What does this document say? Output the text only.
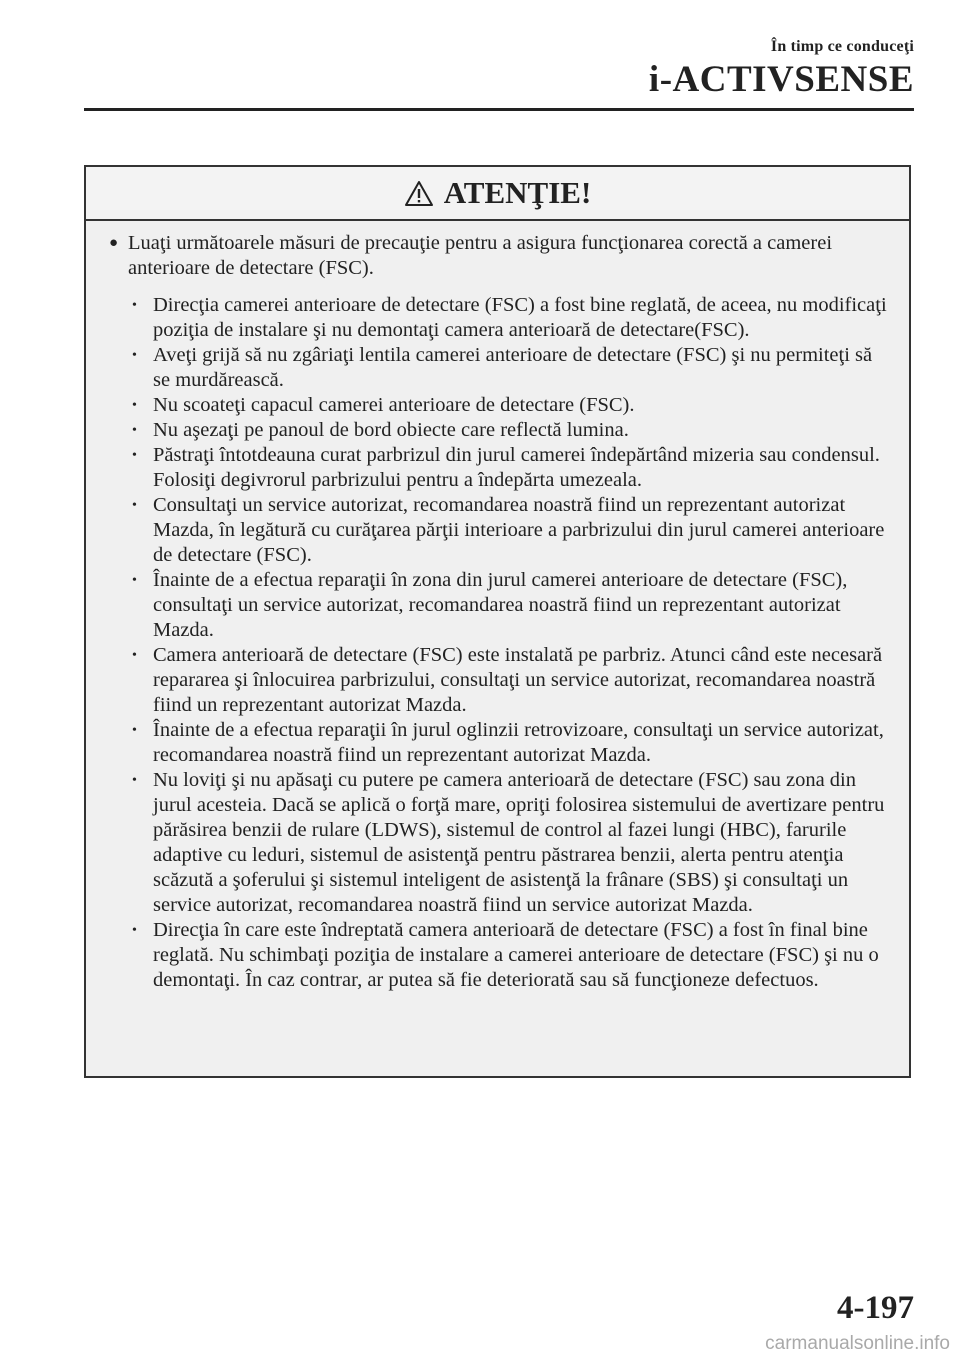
În timp ce conduceţi
i-ACTIVSENSE
ATENŢIE!
● Luaţi următoarele măsuri de precauţie pentru a asigura funcţionarea corectă a camerei anterioare de detectare (FSC).
• Direcţia camerei anterioare de detectare (FSC) a fost bine reglată, de aceea, nu modificaţi poziţia de instalare şi nu demontaţi camera anterioară de detectare(FSC).
• Aveţi grijă să nu zgâriaţi lentila camerei anterioare de detectare (FSC) şi nu permiteţi să se murdărească.
• Nu scoateţi capacul camerei anterioare de detectare (FSC).
• Nu aşezaţi pe panoul de bord obiecte care reflectă lumina.
• Păstraţi întotdeauna curat parbrizul din jurul camerei îndepărtând mizeria sau condensul. Folosiţi degivrorul parbrizului pentru a îndepărta umezeala.
• Consultaţi un service autorizat, recomandarea noastră fiind un reprezentant autorizat Mazda, în legătură cu curăţarea părţii interioare a parbrizului din jurul camerei anterioare de detectare (FSC).
• Înainte de a efectua reparaţii în zona din jurul camerei anterioare de detectare (FSC), consultaţi un service autorizat, recomandarea noastră fiind un reprezentant autorizat Mazda.
• Camera anterioară de detectare (FSC) este instalată pe parbriz. Atunci când este necesară repararea şi înlocuirea parbrizului, consultaţi un service autorizat, recomandarea noastră fiind un reprezentant autorizat Mazda.
• Înainte de a efectua reparaţii în jurul oglinzii retrovizoare, consultaţi un service autorizat, recomandarea noastră fiind un reprezentant autorizat Mazda.
• Nu loviţi şi nu apăsaţi cu putere pe camera anterioară de detectare (FSC) sau zona din jurul acesteia. Dacă se aplică o forţă mare, opriţi folosirea sistemului de avertizare pentru părăsirea benzii de rulare (LDWS), sistemul de control al fazei lungi (HBC), farurile adaptive cu leduri, sistemul de asistenţă pentru păstrarea benzii, alerta pentru atenţia scăzută a şoferului şi sistemul inteligent de asistenţă la frânare (SBS) şi consultaţi un service autorizat, recomandarea noastră fiind un service autorizat Mazda.
• Direcţia în care este îndreptată camera anterioară de detectare (FSC) a fost în final bine reglată. Nu schimbaţi poziţia de instalare a camerei anterioare de detectare (FSC) şi nu o demontaţi. În caz contrar, ar putea să fie deteriorată sau să funcţioneze defectuos.
4-197
carmanualsonline.info
